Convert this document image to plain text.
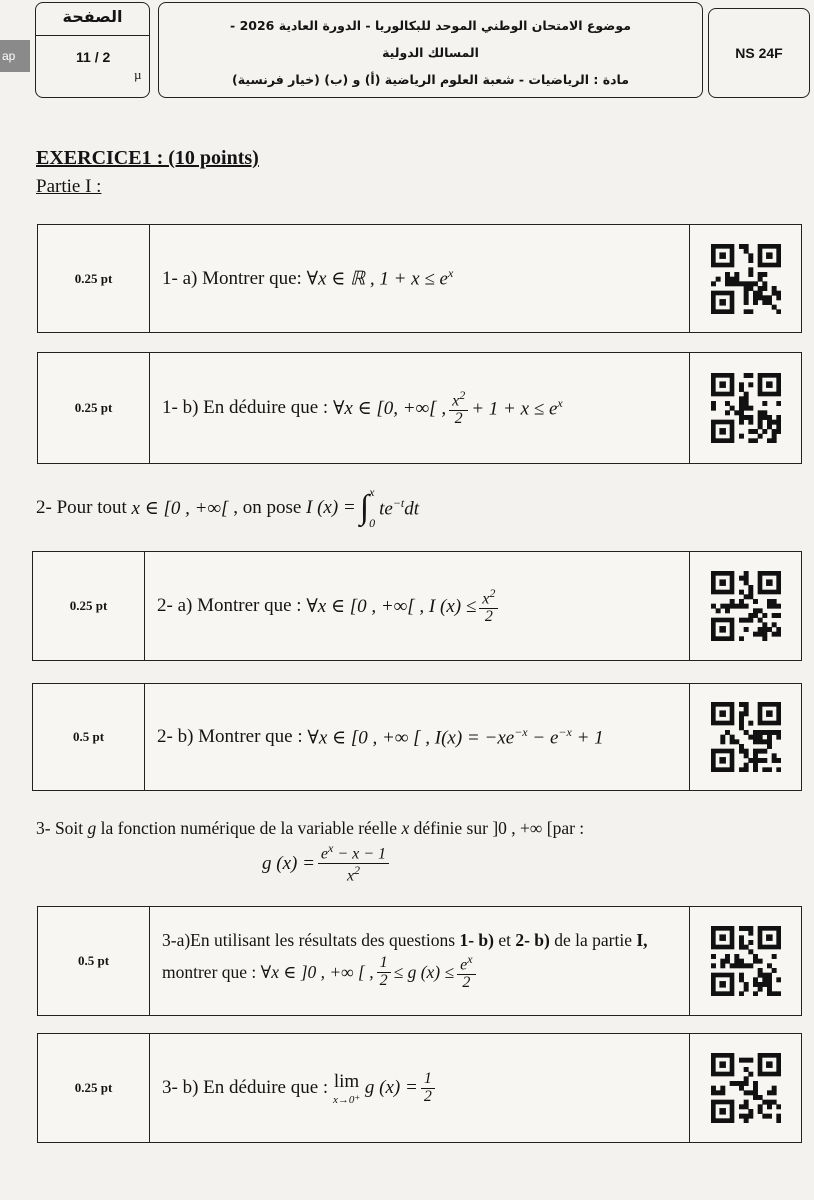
ap
الصفحة
11 / 2
µ
موضوع الامتحان الوطني الموحد للبكالوريا - الدورة العادية 2026 -
المسالك الدولية
مادة : الرياضيات - شعبة العلوم الرياضية (أ) و (ب) (خيار فرنسية)
NS 24F
EXERCICE1 : (10 points)
Partie I :
0.25 pt	1- a) Montrer que:
∀x ∈ ℝ , $1 + x \le e^x$
0.25 pt	1- b) En déduire que :
∀x ∈ [0, +∞[ , $\frac{x^2}{2} + 1 + x \le e^x$
2- Pour tout
x ∈ [0 , +∞[ , on pose I (x) = ∫ x
0
$te^{-t}dt$
0.25 pt	2- a) Montrer que :
∀x ∈ [0 , +∞[ , I $(x) \le \frac{x^2}{2}$
0.5 pt	2- b) Montrer que :
∀x ∈ [0 , +∞ [ , $I(x) = -xe^{-x} - e^{-x} + 1$
3- Soit g la fonction numérique de la variable réelle x définie sur ]0 , +∞ [par :
g $(x) = \frac{e^x - x - 1}{x^2}$
0.5 pt
3-a)En utilisant les résultats des questions 1- b) et 2- b) de la partie I,
montrer que :
∀x ∈ ]0 , +∞ [ , $\frac{1}{2} \le g$ $(x) \le \frac{e^x}{2}$
0.25 pt	3- b) En déduire que :
lim
x→0⁺

g $(x) = \frac{1}{2}$
